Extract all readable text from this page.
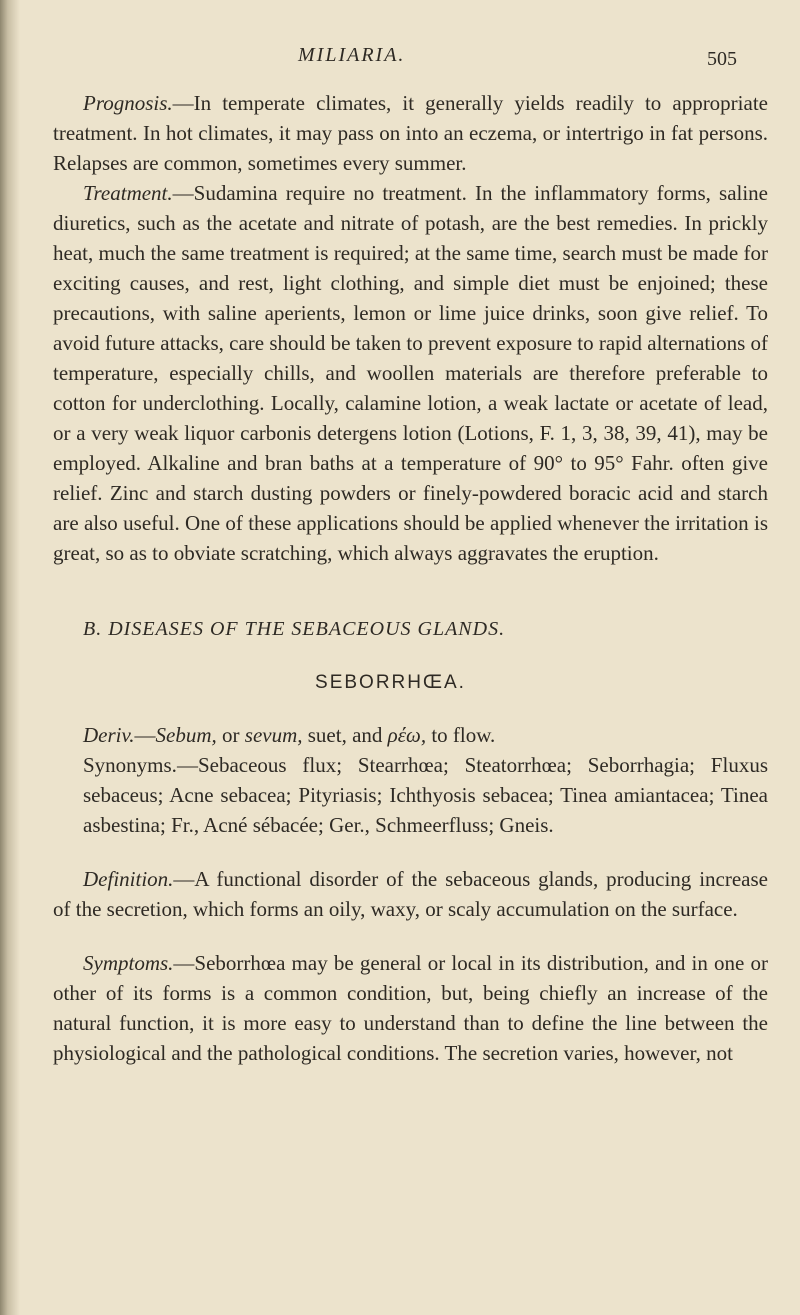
MILIARIA.	505

Prognosis.—In temperate climates, it generally yields readily to appropriate treatment. In hot climates, it may pass on into an eczema, or intertrigo in fat persons. Relapses are common, sometimes every summer.

Treatment.—Sudamina require no treatment. In the inflammatory forms, saline diuretics, such as the acetate and nitrate of potash, are the best remedies. In prickly heat, much the same treatment is required; at the same time, search must be made for exciting causes, and rest, light clothing, and simple diet must be enjoined; these precautions, with saline aperients, lemon or lime juice drinks, soon give relief. To avoid future attacks, care should be taken to prevent exposure to rapid alternations of temperature, especially chills, and woollen materials are therefore preferable to cotton for underclothing. Locally, calamine lotion, a weak lactate or acetate of lead, or a very weak liquor carbonis detergens lotion (Lotions, F. 1, 3, 38, 39, 41), may be employed. Alkaline and bran baths at a temperature of 90° to 95° Fahr. often give relief. Zinc and starch dusting powders or finely-powdered boracic acid and starch are also useful. One of these applications should be applied whenever the irritation is great, so as to obviate scratching, which always aggravates the eruption.

B. DISEASES OF THE SEBACEOUS GLANDS.

SEBORRHŒA.

Deriv.—Sebum, or sevum, suet, and ρέω, to flow.

Synonyms.—Sebaceous flux; Stearrhœa; Steatorrhœa; Seborrhagia; Fluxus sebaceus; Acne sebacea; Pityriasis; Ichthyosis sebacea; Tinea amiantacea; Tinea asbestina; Fr., Acné sébacée; Ger., Schmeerfluss; Gneis.

Definition.—A functional disorder of the sebaceous glands, producing increase of the secretion, which forms an oily, waxy, or scaly accumulation on the surface.

Symptoms.—Seborrhœa may be general or local in its distribution, and in one or other of its forms is a common condition, but, being chiefly an increase of the natural function, it is more easy to understand than to define the line between the physiological and the pathological conditions. The secretion varies, however, not
